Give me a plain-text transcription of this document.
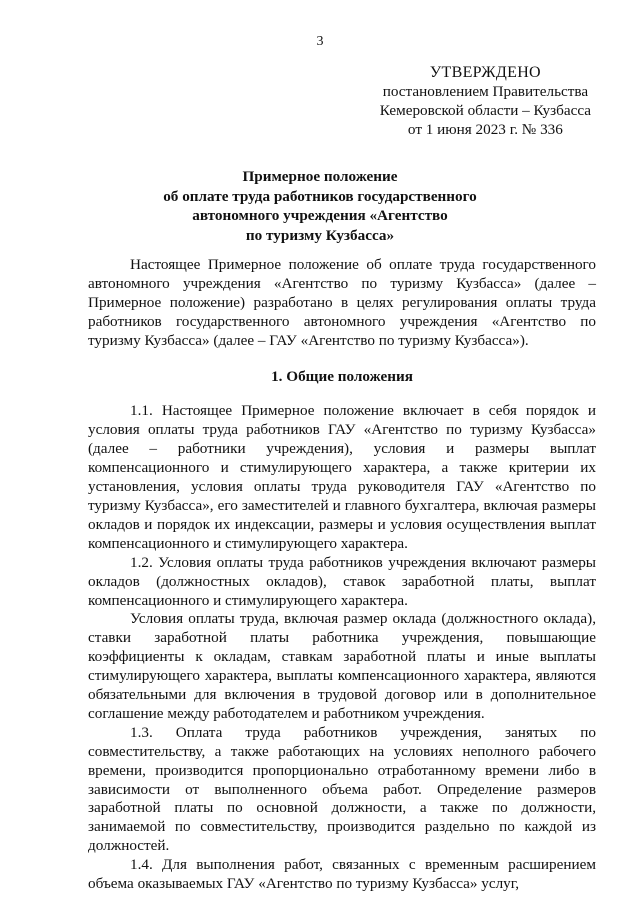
3
УТВЕРЖДЕНО
постановлением Правительства
Кемеровской области – Кузбасса
от 1 июня 2023 г. № 336
Примерное положение
об оплате труда работников государственного
автономного учреждения «Агентство
по туризму Кузбасса»

Настоящее Примерное положение об оплате труда государственного автономного учреждения «Агентство по туризму Кузбасса» (далее – Примерное положение) разработано в целях регулирования оплаты труда работников государственного автономного учреждения «Агентство по туризму Кузбасса» (далее – ГАУ «Агентство по туризму Кузбасса»).

1. Общие положения

1.1. Настоящее Примерное положение включает в себя порядок и условия оплаты труда работников ГАУ «Агентство по туризму Кузбасса» (далее – работники учреждения), условия и размеры выплат компенсационного и стимулирующего характера, а также критерии их установления, условия оплаты труда руководителя ГАУ «Агентство по туризму Кузбасса», его заместителей и главного бухгалтера, включая размеры окладов и порядок их индексации, размеры и условия осуществления выплат компенсационного и стимулирующего характера.

1.2. Условия оплаты труда работников учреждения включают размеры окладов (должностных окладов), ставок заработной платы, выплат компенсационного и стимулирующего характера.

Условия оплаты труда, включая размер оклада (должностного оклада), ставки заработной платы работника учреждения, повышающие коэффициенты к окладам, ставкам заработной платы и иные выплаты стимулирующего характера, выплаты компенсационного характера, являются обязательными для включения в трудовой договор или в дополнительное соглашение между работодателем и работником учреждения.

1.3. Оплата труда работников учреждения, занятых по совместительству, а также работающих на условиях неполного рабочего времени, производится пропорционально отработанному времени либо в зависимости от выполненного объема работ. Определение размеров заработной платы по основной должности, а также по должности, занимаемой по совместительству, производится раздельно по каждой из должностей.

1.4. Для выполнения работ, связанных с временным расширением объема оказываемых ГАУ «Агентство по туризму Кузбасса» услуг,
